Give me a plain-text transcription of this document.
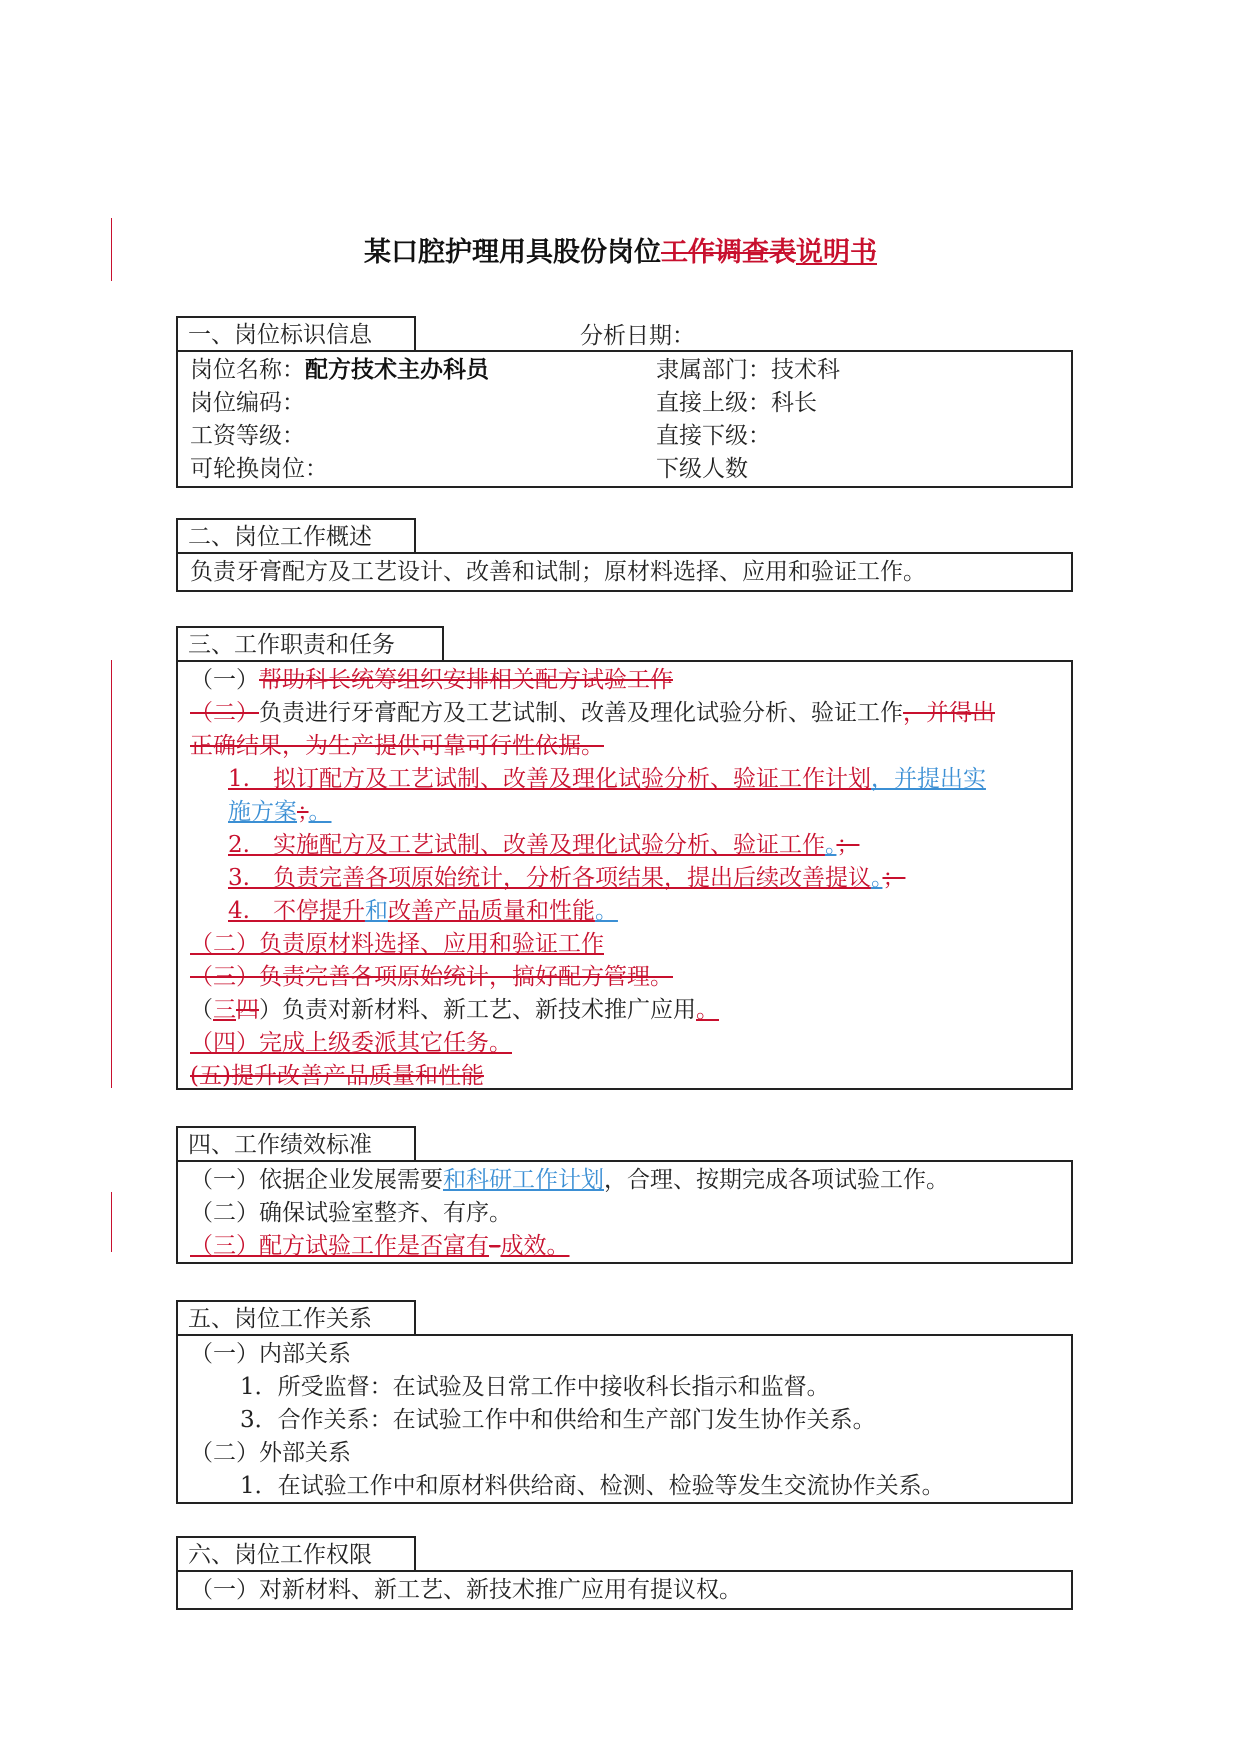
某口腔护理用具股份岗位工作调查表说明书
一、岗位标识信息	分析日期：
岗位名称：配方技术主办科员	隶属部门：技术科
岗位编码：	直接上级：科长
工资等级：	直接下级：
可轮换岗位：	下级人数
二、岗位工作概述
负责牙膏配方及工艺设计、改善和试制；原材料选择、应用和验证工作。
三、工作职责和任务
（一）帮助科长统筹组织安排相关配方试验工作
（二）负责进行牙膏配方及工艺试制、改善及理化试验分析、验证工作，并得出
正确结果，为生产提供可靠可行性依据。
1.　拟订配方及工艺试制、改善及理化试验分析、验证工作计划，并提出实
施方案；。
2.　实施配方及工艺试制、改善及理化试验分析、验证工作。；
3.　负责完善各项原始统计，分析各项结果，提出后续改善提议。；
4.　不停提升和改善产品质量和性能。
（二）负责原材料选择、应用和验证工作
（三）负责完善各项原始统计，搞好配方管理。
（三四）负责对新材料、新工艺、新技术推广应用。
（四）完成上级委派其它任务。
(五)提升改善产品质量和性能
四、工作绩效标准
（一）依据企业发展需要和科研工作计划，合理、按期完成各项试验工作。
（二）确保试验室整齐、有序。
（三）配方试验工作是否富有–成效。
五、岗位工作关系
（一）内部关系
1．所受监督：在试验及日常工作中接收科长指示和监督。
3．合作关系：在试验工作中和供给和生产部门发生协作关系。
（二）外部关系
1．在试验工作中和原材料供给商、检测、检验等发生交流协作关系。
六、岗位工作权限
（一）对新材料、新工艺、新技术推广应用有提议权。
